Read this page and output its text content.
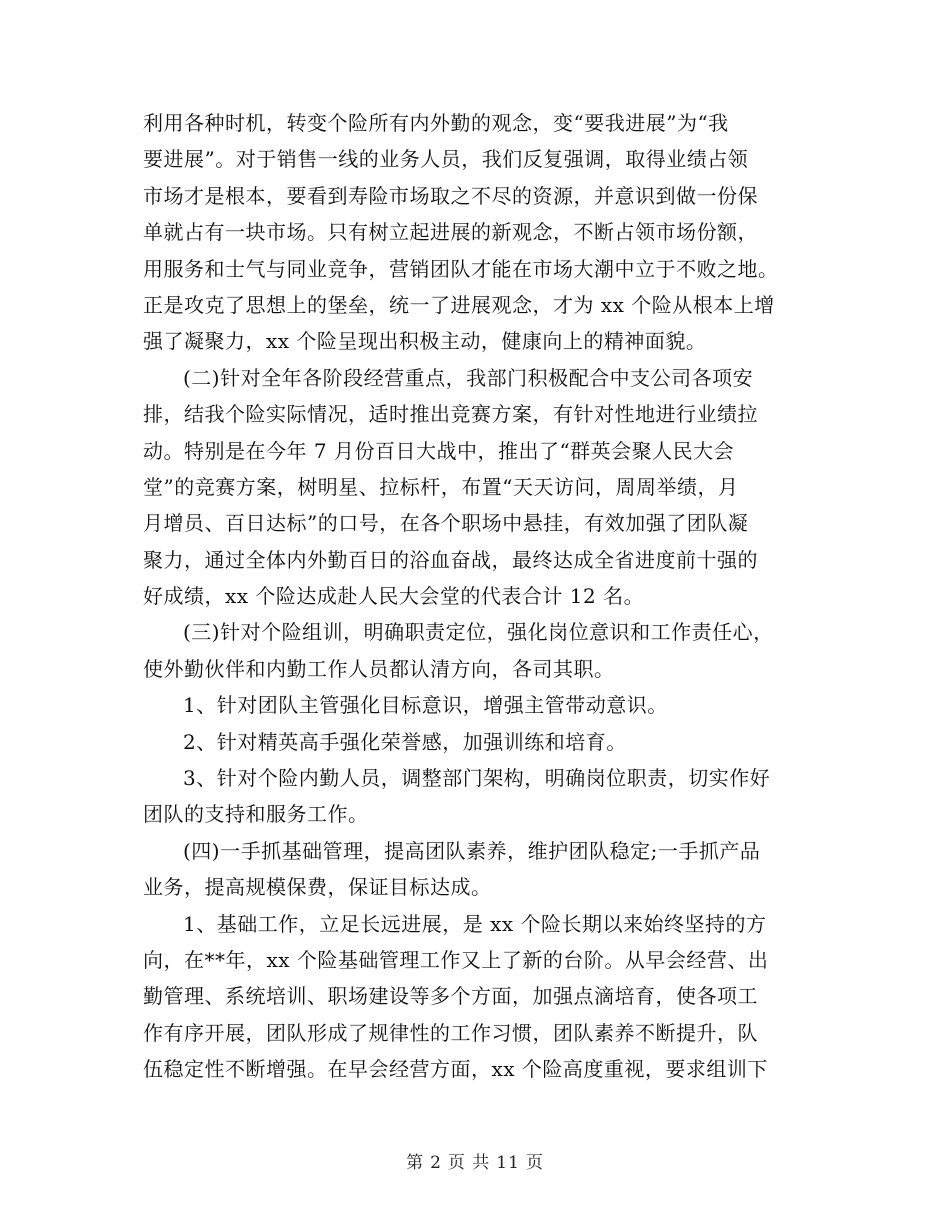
利用各种时机，转变个险所有内外勤的观念，变“要我进展”为“我
要进展”。对于销售一线的业务人员，我们反复强调，取得业绩占领
市场才是根本，要看到寿险市场取之不尽的资源，并意识到做一份保
单就占有一块市场。只有树立起进展的新观念，不断占领市场份额，
用服务和士气与同业竞争，营销团队才能在市场大潮中立于不败之地。
正是攻克了思想上的堡垒，统一了进展观念，才为 xx 个险从根本上增
强了凝聚力，xx 个险呈现出积极主动，健康向上的精神面貌。
(二)针对全年各阶段经营重点，我部门积极配合中支公司各项安
排，结我个险实际情况，适时推出竞赛方案，有针对性地进行业绩拉
动。特别是在今年 7 月份百日大战中，推出了“群英会聚人民大会
堂”的竞赛方案，树明星、拉标杆，布置“天天访问，周周举绩，月
月增员、百日达标”的口号，在各个职场中悬挂，有效加强了团队凝
聚力，通过全体内外勤百日的浴血奋战，最终达成全省进度前十强的
好成绩，xx 个险达成赴人民大会堂的代表合计 12 名。
(三)针对个险组训，明确职责定位，强化岗位意识和工作责任心，
使外勤伙伴和内勤工作人员都认清方向，各司其职。
1、针对团队主管强化目标意识，增强主管带动意识。
2、针对精英高手强化荣誉感，加强训练和培育。
3、针对个险内勤人员，调整部门架构，明确岗位职责，切实作好
团队的支持和服务工作。
(四)一手抓基础管理，提高团队素养，维护团队稳定;一手抓产品
业务，提高规模保费，保证目标达成。
1、基础工作，立足长远进展，是 xx 个险长期以来始终坚持的方
向，在**年，xx 个险基础管理工作又上了新的台阶。从早会经营、出
勤管理、系统培训、职场建设等多个方面，加强点滴培育，使各项工
作有序开展，团队形成了规律性的工作习惯，团队素养不断提升，队
伍稳定性不断增强。在早会经营方面，xx 个险高度重视，要求组训下
第 2 页 共 11 页
